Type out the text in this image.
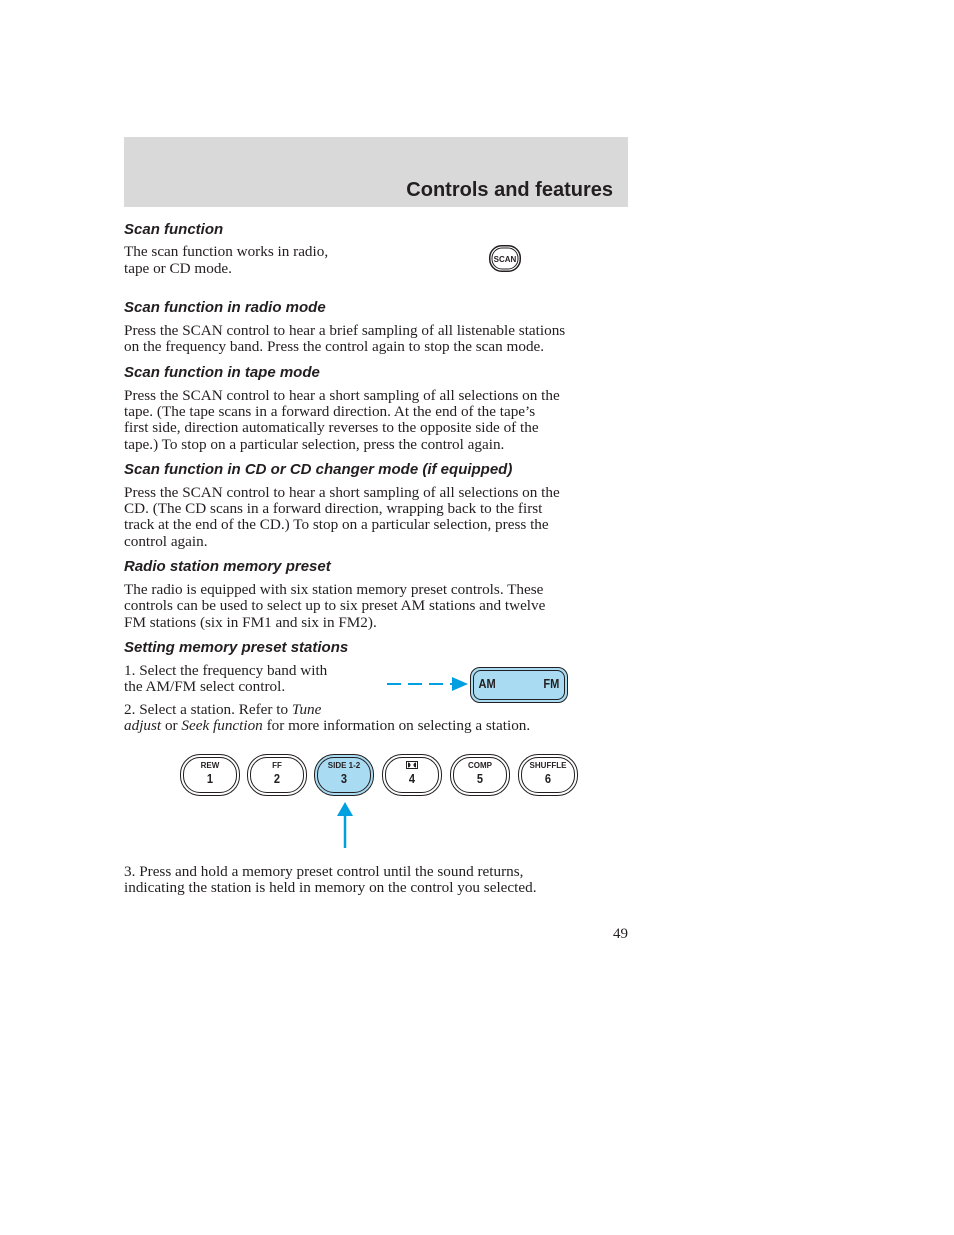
Controls and features
Scan function

The scan function works in radio,

tape or CD mode.

SCAN
Scan function in radio mode

Press the SCAN control to hear a brief sampling of all listenable stations

on the frequency band. Press the control again to stop the scan mode.

Scan function in tape mode

Press the SCAN control to hear a short sampling of all selections on the

tape. (The tape scans in a forward direction. At the end of the tape’s

first side, direction automatically reverses to the opposite side of the

tape.) To stop on a particular selection, press the control again.

Scan function in CD or CD changer mode (if equipped)

Press the SCAN control to hear a short sampling of all selections on the

CD. (The CD scans in a forward direction, wrapping back to the first

track at the end of the CD.) To stop on a particular selection, press the

control again.

Radio station memory preset

The radio is equipped with six station memory preset controls. These

controls can be used to select up to six preset AM stations and twelve

FM stations (six in FM1 and six in FM2).

Setting memory preset stations

1. Select the frequency band with

the AM/FM select control.	AM	FM

2. Select a station. Refer to Tune

adjust or Seek function for more information on selecting a station.

REW
1
FF
2
SIDE 1-2
3	4
COMP
5
SHUFFLE
6

3. Press and hold a memory preset control until the sound returns,

indicating the station is held in memory on the control you selected.

49
